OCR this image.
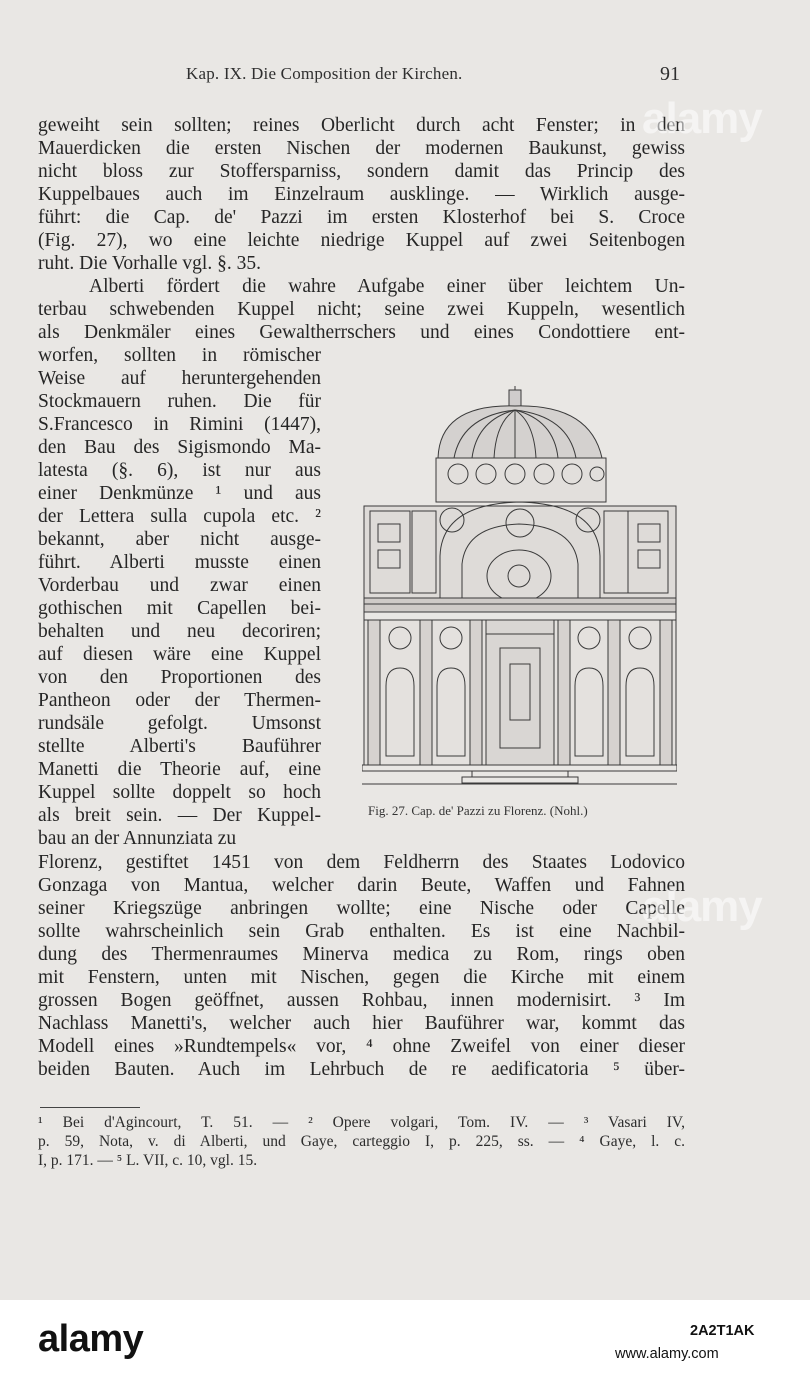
Kap. IX. Die Composition der Kirchen.	91
geweiht sein sollten; reines Oberlicht durch acht Fenster; in den
Mauerdicken die ersten Nischen der modernen Baukunst, gewiss
nicht bloss zur Stoffersparniss, sondern damit das Princip des
Kuppelbaues auch im Einzelraum ausklinge. — Wirklich ausge-
führt: die Cap. de' Pazzi im ersten Klosterhof bei S. Croce
(Fig. 27), wo eine leichte niedrige Kuppel auf zwei Seitenbogen
ruht. Die Vorhalle vgl. §. 35.
Alberti fördert die wahre Aufgabe einer über leichtem Un-
terbau schwebenden Kuppel nicht; seine zwei Kuppeln, wesentlich
als Denkmäler eines Gewaltherrschers und eines Condottiere ent-
worfen, sollten in römischer
Weise auf heruntergehenden
Stockmauern ruhen. Die für
S.Francesco in Rimini (1447),
den Bau des Sigismondo Ma-
latesta (§. 6), ist nur aus
einer Denkmünze ¹ und aus
der Lettera sulla cupola etc. ²
bekannt, aber nicht ausge-
führt. Alberti musste einen
Vorderbau und zwar einen
gothischen mit Capellen bei-
behalten und neu decoriren;
auf diesen wäre eine Kuppel
von den Proportionen des
Pantheon oder der Thermen-
rundsäle gefolgt. Umsonst
stellte Alberti's Bauführer
Manetti die Theorie auf, eine
Kuppel sollte doppelt so hoch
als breit sein. — Der Kuppel-
bau an der Annunziata zu
Fig. 27. Cap. de' Pazzi zu Florenz. (Nohl.)
Florenz, gestiftet 1451 von dem Feldherrn des Staates Lodovico
Gonzaga von Mantua, welcher darin Beute, Waffen und Fahnen
seiner Kriegszüge anbringen wollte; eine Nische oder Capelle
sollte wahrscheinlich sein Grab enthalten. Es ist eine Nachbil-
dung des Thermenraumes Minerva medica zu Rom, rings oben
mit Fenstern, unten mit Nischen, gegen die Kirche mit einem
grossen Bogen geöffnet, aussen Rohbau, innen modernisirt. ³ Im
Nachlass Manetti's, welcher auch hier Bauführer war, kommt das
Modell eines »Rundtempels« vor, ⁴ ohne Zweifel von einer dieser
beiden Bauten. Auch im Lehrbuch de re aedificatoria ⁵ über-
¹ Bei d'Agincourt, T. 51. — ² Opere volgari, Tom. IV. — ³ Vasari IV,
p. 59, Nota, v. di Alberti, und Gaye, carteggio I, p. 225, ss. — ⁴ Gaye, l. c.
I, p. 171. — ⁵ L. VII, c. 10, vgl. 15.
alamy
alamy
alamy	2A2T1AK
www.alamy.com
